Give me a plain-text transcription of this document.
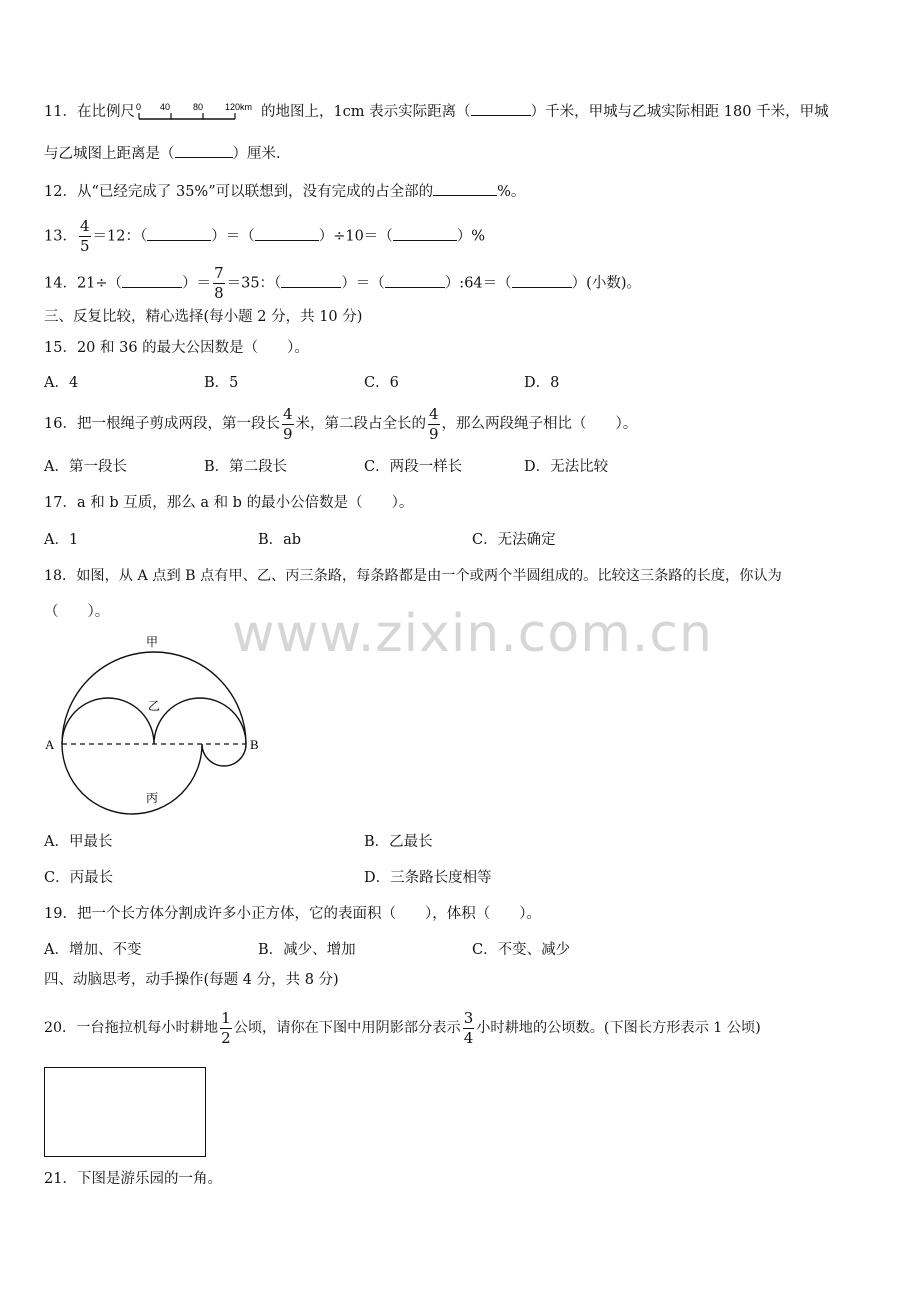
www.zixin.com.cn
11．在比例尺 0 40	80 120km 的地图上，1cm 表示实际距离（	）千米，甲城与乙城实际相距 180 千米，甲城
与乙城图上距离是（	）厘米.
12．从“已经完成了 35%”可以联想到，没有完成的占全部的	%。
13． $\frac{4}{5} =12$：（	）＝（	）÷10＝（	）%
14．21÷（	）＝ $\frac{7}{8} =35$：（	）＝（	）:64＝（	）(小数)。
三、反复比较，精心选择(每小题 2 分，共 10 分)
15．20 和 36 的最大公因数是（　　）。
A．4	B．5	C．6	D．8
16．把一根绳子剪成两段，第一段长 $\frac{4}{9}$ 米，第二段占全长的 $\frac{4}{9}$ ，那么两段绳子相比（　　）。
A．第一段长	B．第二段长	C．两段一样长	D．无法比较
17．a 和 b 互质，那么 a 和 b 的最小公倍数是（　　）。
A．1	B．ab	C．无法确定
18．如图，从 A 点到 B 点有甲、乙、丙三条路，每条路都是由一个或两个半圆组成的。比较这三条路的长度，你认为
（　　）。
甲
乙
丙
A	B
A．甲最长	B．乙最长
C．丙最长	D．三条路长度相等
19．把一个长方体分割成许多小正方体，它的表面积（　　），体积（　　）。
A．增加、不变	B．减少、增加	C．不变、减少
四、动脑思考，动手操作(每题 4 分，共 8 分)
20．一台拖拉机每小时耕地 $\frac{1}{2}$ 公顷，请你在下图中用阴影部分表示 $\frac{3}{4}$ 小时耕地的公顷数。(下图长方形表示 1 公顷)
21．下图是游乐园的一角。
